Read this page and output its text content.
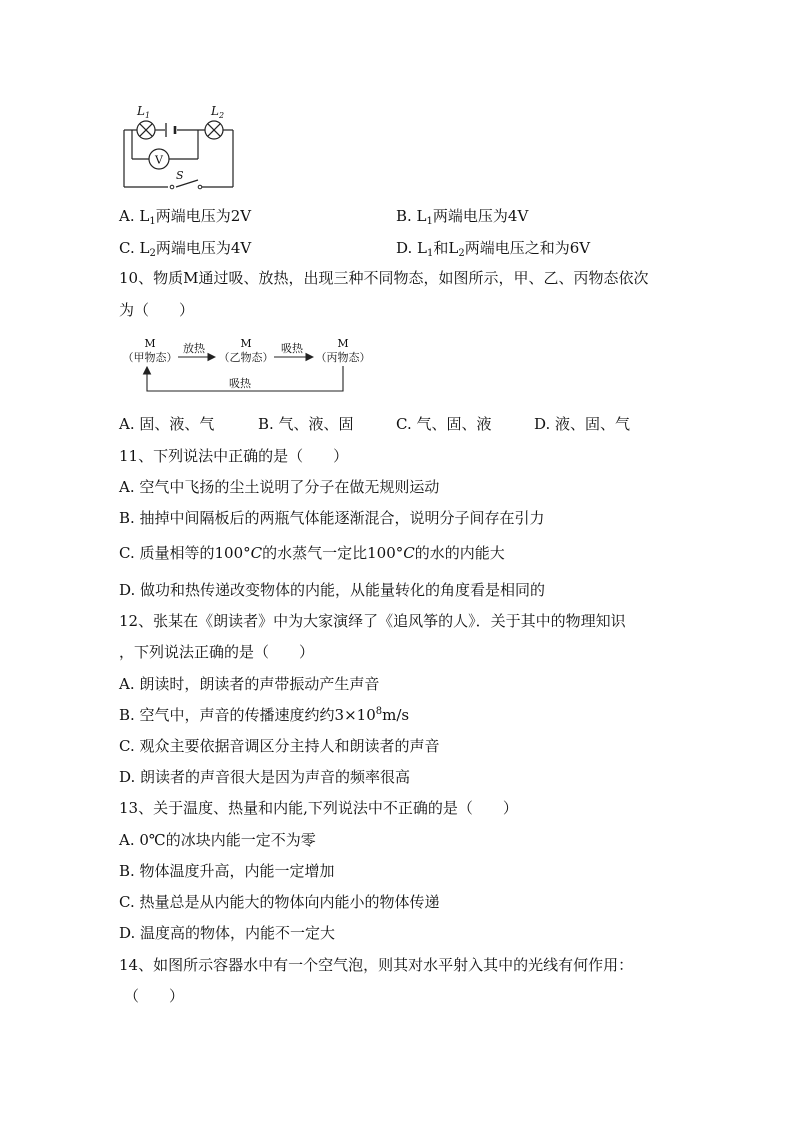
V
$L_1$	$L_2$
S
A. $L_1$两端电压为2V	B. $L_1$两端电压为4V
C. $L_2$两端电压为4V	D. $L_1$和$L_2$两端电压之和为6V
10、物质M通过吸、放热，出现三种不同物态，如图所示，甲、乙、丙物态依次
为（　　）
M
（甲物态）
M
（乙物态）
M
（丙物态）
放热	吸热
吸热
A. 固、液、气	B. 气、液、固	C. 气、固、液	D. 液、固、气
11、下列说法中正确的是（　　）
A. 空气中飞扬的尘土说明了分子在做无规则运动
B. 抽掉中间隔板后的两瓶气体能逐渐混合，说明分子间存在引力
C. 质量相等的100°C的水蒸气一定比100°C的水的内能大
D. 做功和热传递改变物体的内能，从能量转化的角度看是相同的
12、张某在《朗读者》中为大家演绎了《追风筝的人》．关于其中的物理知识
，下列说法正确的是（　　）
A. 朗读时，朗读者的声带振动产生声音
B. 空气中，声音的传播速度约约$3\times 10^8m/s$
C. 观众主要依据音调区分主持人和朗读者的声音
D. 朗读者的声音很大是因为声音的频率很高
13、关于温度、热量和内能,下列说法中不正确的是（　　）
A. 0℃的冰块内能一定不为零
B. 物体温度升高，内能一定增加
C. 热量总是从内能大的物体向内能小的物体传递
D. 温度高的物体，内能不一定大
14、如图所示容器水中有一个空气泡，则其对水平射入其中的光线有何作用：
（　　）
